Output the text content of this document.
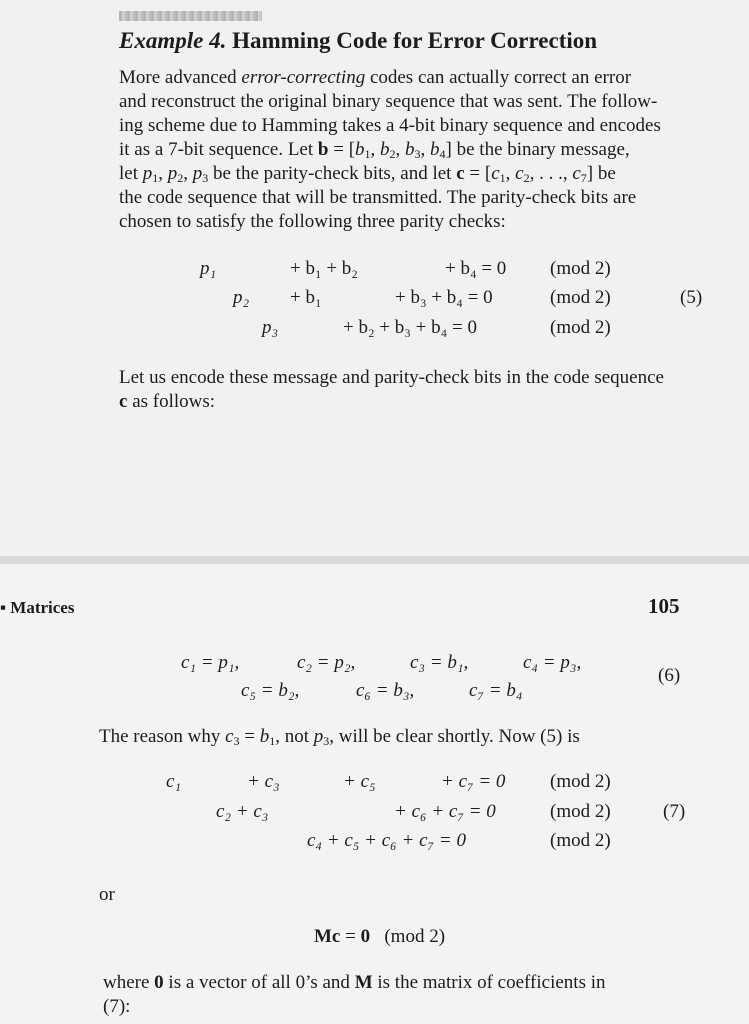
Example 4. Hamming Code for Error Correction
More advanced error-correcting codes can actually correct an error
and reconstruct the original binary sequence that was sent. The follow-
ing scheme due to Hamming takes a 4-bit binary sequence and encodes
it as a 7-bit sequence. Let $b = [b_1$, $b_2$, $b_3$, $b_4$] be the binary message,
let $p_1$, $p_2$, $p_3$ be the parity-check bits, and let $c = [c_1$, $c_2$, . . ., $c_7$] be
the code sequence that will be transmitted. The parity-check bits are
chosen to satisfy the following three parity checks:
p₁	+ b₁ + b₂	+ b₄ = 0 (mod 2)
p₂ + b₁	+ b₃ + b₄ = 0	(mod 2)	(5)
p₃	+ b₂ + b₃ + b₄ = 0	(mod 2)
Let us encode these message and parity-check bits in the code sequence
c as follows:
▪ Matrices	105
c₁ = p₁,	c₂ = p₂,	c₃ = b₁,	c₄ = p₃,
(6)
c₅ = b₂,	c₆ = b₃,	c₇ = b₄
The reason why $c_3 = b_1$, not $p_3$, will be clear shortly. Now (5) is
c₁	+ c₃	+ c₅	+ c₇ = 0 (mod 2)
c₂ + c₃	+ c₆ + c₇ = 0	(mod 2)	(7)
c₄ + c₅ + c₆ + c₇ = 0	(mod 2)
or
Mc = 0 (mod 2)
where 0 is a vector of all 0’s and M is the matrix of coefficients in
(7):
